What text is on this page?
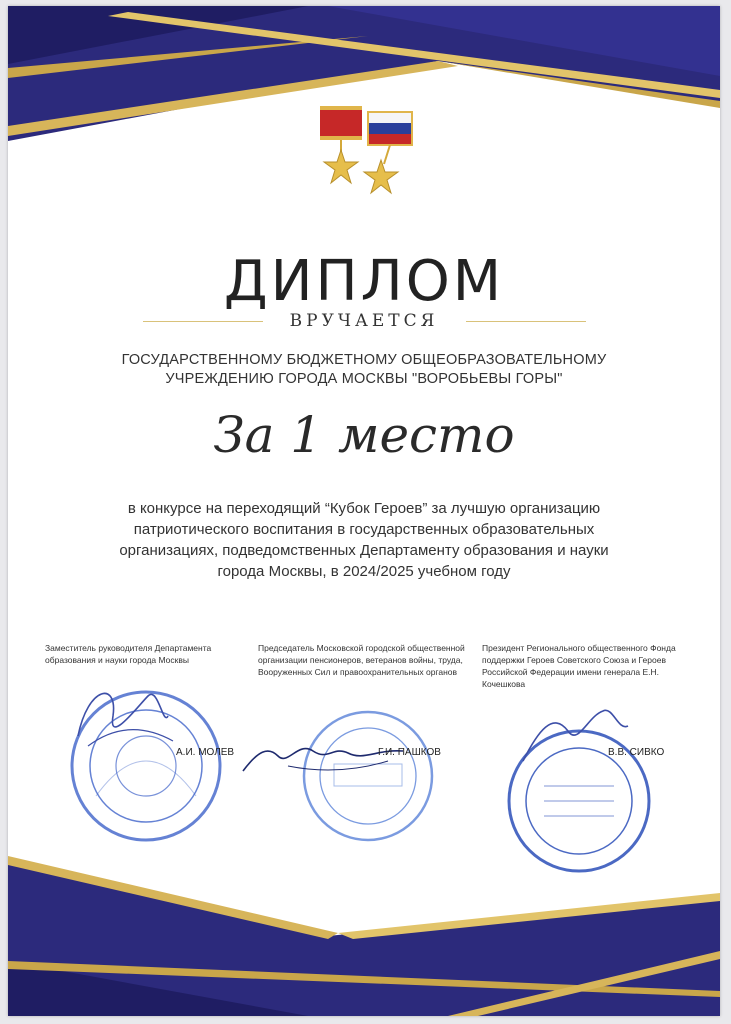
ДИПЛОМ
ВРУЧАЕТСЯ
ГОСУДАРСТВЕННОМУ БЮДЖЕТНОМУ ОБЩЕОБРАЗОВАТЕЛЬНОМУ УЧРЕЖДЕНИЮ ГОРОДА МОСКВЫ "ВОРОБЬЕВЫ ГОРЫ"
За 1 место
в конкурсе на переходящий “Кубок Героев” за лучшую организацию патриотического воспитания в государственных образовательных организациях, подведомственных Департаменту образования и науки города Москвы, в 2024/2025 учебном году
Заместитель руководителя Департамента образования и науки города Москвы
Председатель Московской городской общественной организации пенсионеров, ветеранов войны, труда, Вооруженных Сил и правоохранительных органов
Президент Регионального общественного Фонда поддержки Героев Советского Союза и Героев Российской Федерации имени генерала Е.Н. Кочешкова
А.И. МОЛЕВ	Г.И. ПАШКОВ	В.В. СИВКО
